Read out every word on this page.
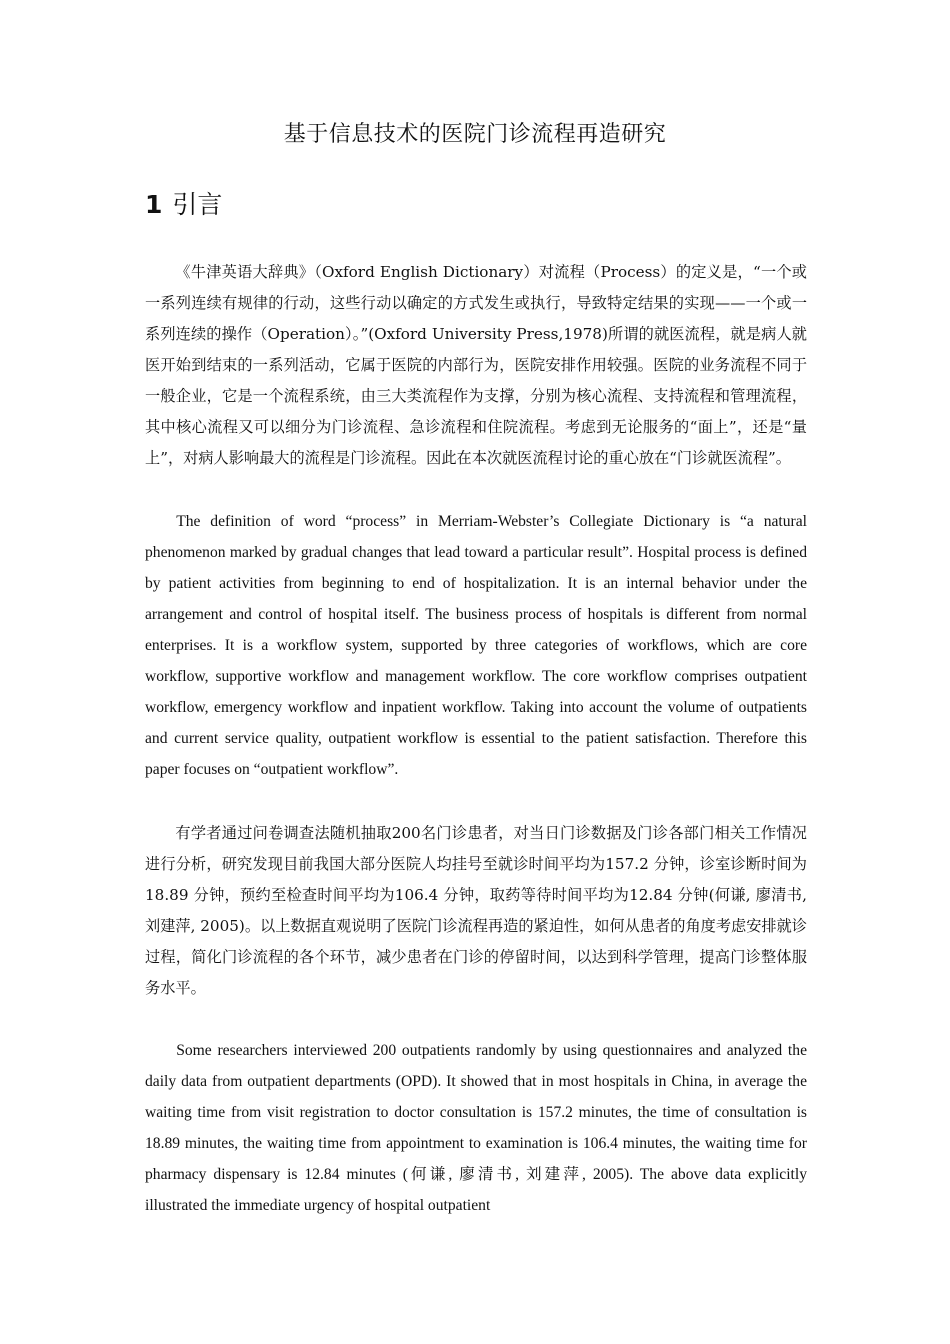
基于信息技术的医院门诊流程再造研究
1 引言

《牛津英语大辞典》（Oxford English Dictionary）对流程（Process）的定义是，“一个或一系列连续有规律的行动，这些行动以确定的方式发生或执行，导致特定结果的实现——一个或一系列连续的操作（Operation）。”(Oxford University Press,1978)所谓的就医流程，就是病人就医开始到结束的一系列活动，它属于医院的内部行为，医院安排作用较强。医院的业务流程不同于一般企业，它是一个流程系统，由三大类流程作为支撑，分别为核心流程、支持流程和管理流程，其中核心流程又可以细分为门诊流程、急诊流程和住院流程。考虑到无论服务的“面上”，还是“量上”，对病人影响最大的流程是门诊流程。因此在本次就医流程讨论的重心放在“门诊就医流程”。

The definition of word “process” in Merriam-Webster’s Collegiate Dictionary is “a natural phenomenon marked by gradual changes that lead toward a particular result”. Hospital process is defined by patient activities from beginning to end of hospitalization. It is an internal behavior under the arrangement and control of hospital itself. The business process of hospitals is different from normal enterprises. It is a workflow system, supported by three categories of workflows, which are core workflow, supportive workflow and management workflow. The core workflow comprises outpatient workflow, emergency workflow and inpatient workflow. Taking into account the volume of outpatients and current service quality, outpatient workflow is essential to the patient satisfaction. Therefore this paper focuses on “outpatient workflow”.

有学者通过问卷调查法随机抽取200名门诊患者，对当日门诊数据及门诊各部门相关工作情况进行分析，研究发现目前我国大部分医院人均挂号至就诊时间平均为157.2 分钟，诊室诊断时间为18.89 分钟，预约至检查时间平均为106.4 分钟，取药等待时间平均为12.84 分钟(何谦, 廖清书, 刘建萍, 2005)。以上数据直观说明了医院门诊流程再造的紧迫性，如何从患者的角度考虑安排就诊过程，简化门诊流程的各个环节，减少患者在门诊的停留时间，以达到科学管理，提高门诊整体服务水平。

Some researchers interviewed 200 outpatients randomly by using questionnaires and analyzed the daily data from outpatient departments (OPD). It showed that in most hospitals in China, in average the waiting time from visit registration to doctor consultation is 157.2 minutes, the time of consultation is 18.89 minutes, the waiting time from appointment to examination is 106.4 minutes, the waiting time for pharmacy dispensary is 12.84 minutes (何谦, 廖清书, 刘建萍, 2005). The above data explicitly illustrated the immediate urgency of hospital outpatient
